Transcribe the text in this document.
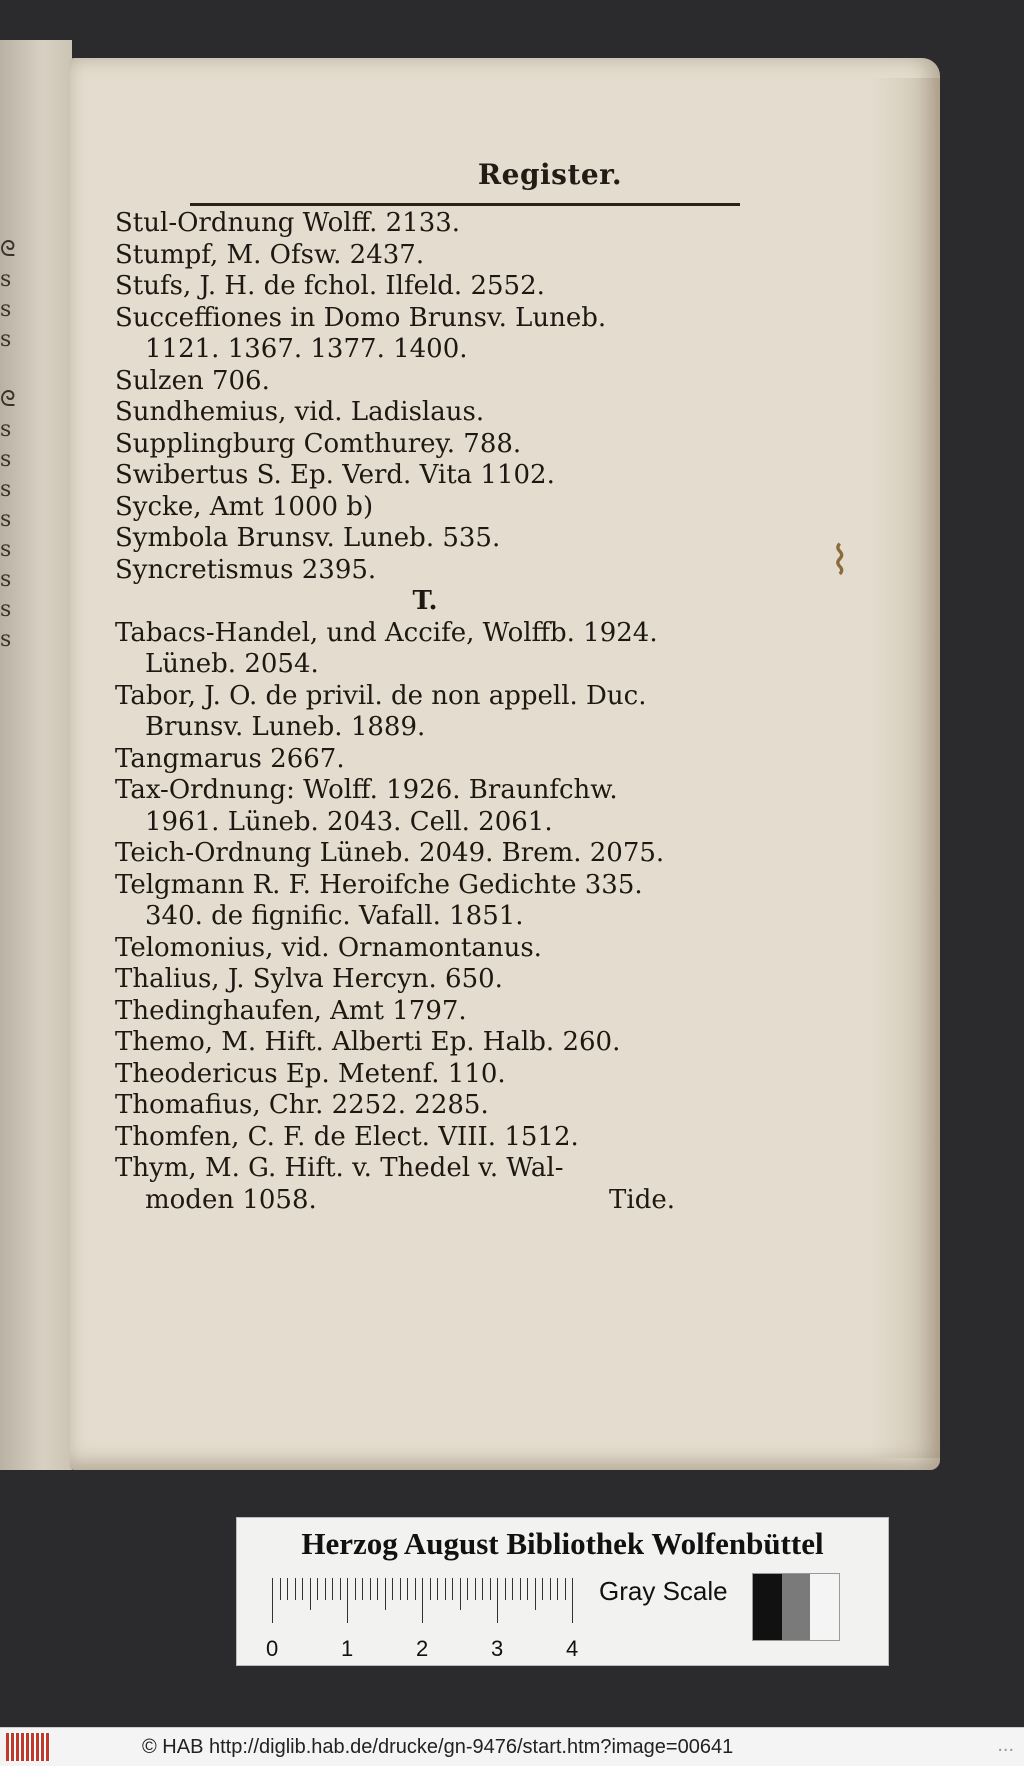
ᘓ
s
s
s

ᘓ
s
s
s
s
s
s
s
s
Register.
Stul-Ordnung Wolff. 2133.
Stumpf, M. Ofsw. 2437.
Stufs, J. H. de fchol. Ilfeld. 2552.
Succeffiones in Domo Brunsv. Luneb.
1121. 1367. 1377. 1400.
Sulzen 706.
Sundhemius, vid. Ladislaus.
Supplingburg Comthurey. 788.
Swibertus S. Ep. Verd. Vita 1102.
Sycke, Amt 1000 b)
Symbola Brunsv. Luneb. 535.
Syncretismus 2395.
T.
Tabacs-Handel, und Accife, Wolffb. 1924.
Lüneb. 2054.
Tabor, J. O. de privil. de non appell. Duc.
Brunsv. Luneb. 1889.
Tangmarus 2667.
Tax-Ordnung: Wolff. 1926. Braunfchw.
1961. Lüneb. 2043. Cell. 2061.
Teich-Ordnung Lüneb. 2049. Brem. 2075.
Telgmann R. F. Heroifche Gedichte 335.
340. de fignific. Vafall. 1851.
Telomonius, vid. Ornamontanus.
Thalius, J. Sylva Hercyn. 650.
Thedinghaufen, Amt 1797.
Themo, M. Hift. Alberti Ep. Halb. 260.
Theodericus Ep. Metenf. 110.
Thomafius, Chr. 2252. 2285.
Thomfen, C. F. de Elect. VIII. 1512.
Thym, M. G. Hift. v. Thedel v. Wal-
moden 1058.	Tide.
⌇
Herzog August Bibliothek Wolfenbüttel
0	1	2	3	4
Gray Scale
© HAB http://diglib.hab.de/drucke/gn-9476/start.htm?image=00641	...
